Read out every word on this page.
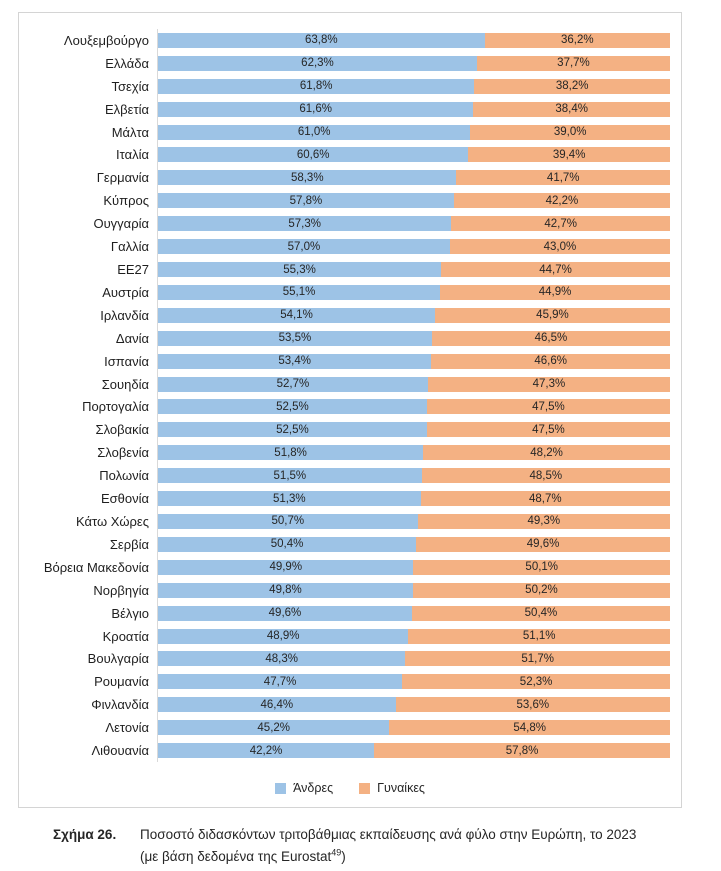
Λουξεμβούργο	63,8%	36,2%
Ελλάδα	62,3%	37,7%
Τσεχία	61,8%	38,2%
Ελβετία	61,6%	38,4%
Μάλτα	61,0%	39,0%
Ιταλία	60,6%	39,4%
Γερμανία	58,3%	41,7%
Κύπρος	57,8%	42,2%
Ουγγαρία	57,3%	42,7%
Γαλλία	57,0%	43,0%
ΕΕ27	55,3%	44,7%
Αυστρία	55,1%	44,9%
Ιρλανδία	54,1%	45,9%
Δανία	53,5%	46,5%
Ισπανία	53,4%	46,6%
Σουηδία	52,7%	47,3%
Πορτογαλία	52,5%	47,5%
Σλοβακία	52,5%	47,5%
Σλοβενία	51,8%	48,2%
Πολωνία	51,5%	48,5%
Εσθονία	51,3%	48,7%
Κάτω Χώρες	50,7%	49,3%
Σερβία	50,4%	49,6%
Βόρεια Μακεδονία	49,9%	50,1%
Νορβηγία	49,8%	50,2%
Βέλγιο	49,6%	50,4%
Κροατία	48,9%	51,1%
Βουλγαρία	48,3%	51,7%
Ρουμανία	47,7%	52,3%
Φινλανδία	46,4%	53,6%
Λετονία	45,2%	54,8%
Λιθουανία	42,2%	57,8%
Άνδρες	Γυναίκες
Σχήμα 26.	Ποσοστό διδασκόντων τριτοβάθμιας εκπαίδευσης ανά φύλο στην Ευρώπη, το 2023
(με βάση δεδομένα της Eurostat$^{49}$)
